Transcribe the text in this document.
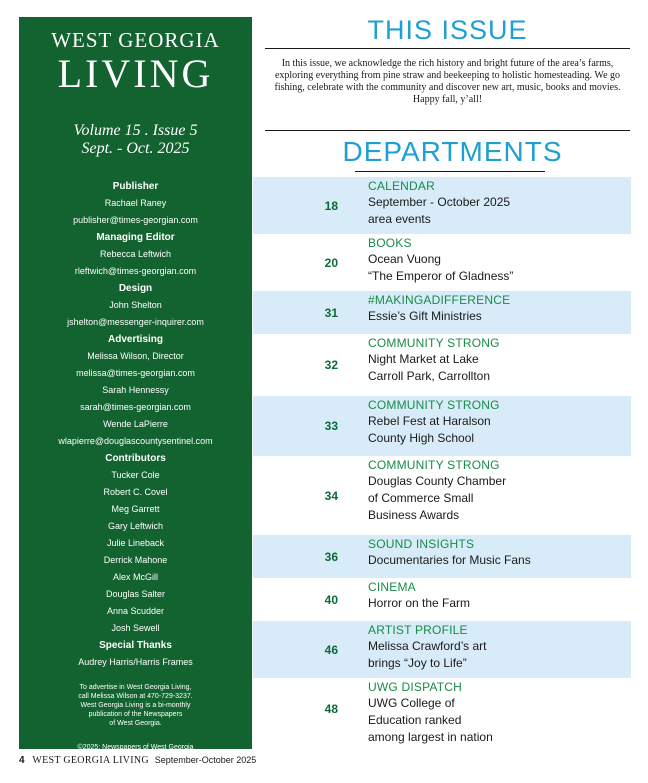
WEST GEORGIA
LIVING
Volume 15 . Issue 5
Sept. - Oct. 2025
Publisher
Rachael Raney
publisher@times-georgian.com
Managing Editor
Rebecca Leftwich
rleftwich@times-georgian.com
Design
John Shelton
jshelton@messenger-inquirer.com
Advertising
Melissa Wilson, Director
melissa@times-georgian.com
Sarah Hennessy
sarah@times-georgian.com
Wende LaPierre
wlapierre@douglascountysentinel.com
Contributors
Tucker Cole
Robert C. Covel
Meg Garrett
Gary Leftwich
Julie Lineback
Derrick Mahone
Alex McGill
Douglas Salter
Anna Scudder
Josh Sewell
Special Thanks
Audrey Harris/Harris Frames
To advertise in West Georgia Living,
call Melissa Wilson at 470-729-3237.
West Georgia Living is a bi-monthly
publication of the Newspapers
of West Georgia.
©2025; Newspapers of West Georgia
THIS ISSUE
In this issue, we acknowledge the rich history and bright future of the area’s farms, exploring everything from pine straw and beekeeping to holistic homesteading. We go fishing, celebrate with the community and discover new art, music, books and movies. Happy fall, y’all!
DEPARTMENTS
18
CALENDAR
September - October 2025
area events
20
BOOKS
Ocean Vuong
“The Emperor of Gladness”
31
#MAKINGADIFFERENCE
Essie’s Gift Ministries
32
COMMUNITY STRONG
Night Market at Lake
Carroll Park, Carrollton
33
COMMUNITY STRONG
Rebel Fest at Haralson
County High School
34
COMMUNITY STRONG
Douglas County Chamber
of Commerce Small
Business Awards
36
SOUND INSIGHTS
Documentaries for Music Fans
40
CINEMA
Horror on the Farm
46
ARTIST PROFILE
Melissa Crawford’s art
brings “Joy to Life”
48
UWG DISPATCH
UWG College of
Education ranked
among largest in nation
4 WEST GEORGIA LIVING September-October 2025
